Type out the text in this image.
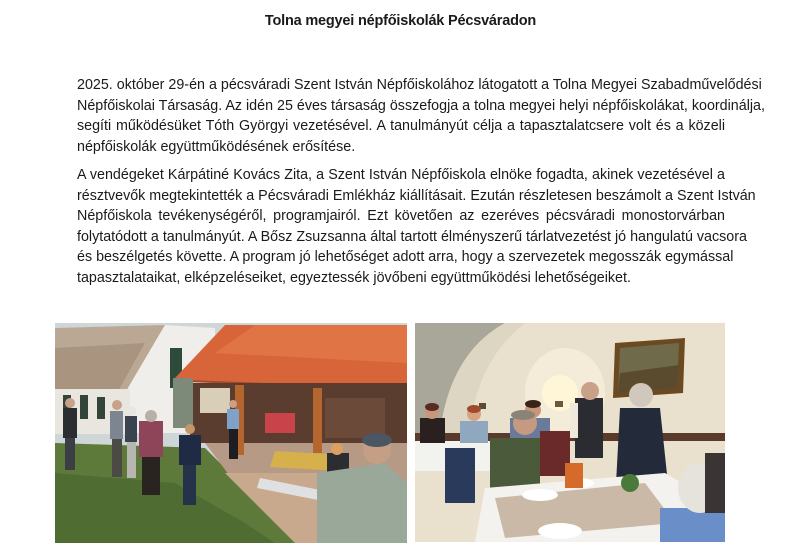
Tolna megyei népfőiskolák Pécsváradon
2025. október 29-én a pécsváradi Szent István Népfőiskolához látogatott a Tolna Megyei Szabadművelődési
Népfőiskolai Társaság. Az idén 25 éves társaság összefogja a tolna megyei helyi népfőiskolákat, koordinálja,
segíti működésüket Tóth Györgyi vezetésével. A tanulmányút célja a tapasztalatcsere volt és a közeli
népfőiskolák együttműködésének erősítése.
A vendégeket Kárpátiné Kovács Zita, a Szent István Népfőiskola elnöke fogadta, akinek vezetésével a
résztvevők megtekintették a Pécsváradi Emlékház kiállításait. Ezután részletesen beszámolt a Szent István
Népfőiskola tevékenységéről, programjairól. Ezt követően az ezeréves pécsváradi monostorvárban
folytatódott a tanulmányút. A Bősz Zsuzsanna által tartott élményszerű tárlatvezetést jó hangulatú vacsora
és beszélgetés követte. A program jó lehetőséget adott arra, hogy a szervezetek megosszák egymással
tapasztalataikat, elképzeléseiket, egyeztessék jövőbeni együttműködési lehetőségeiket.
